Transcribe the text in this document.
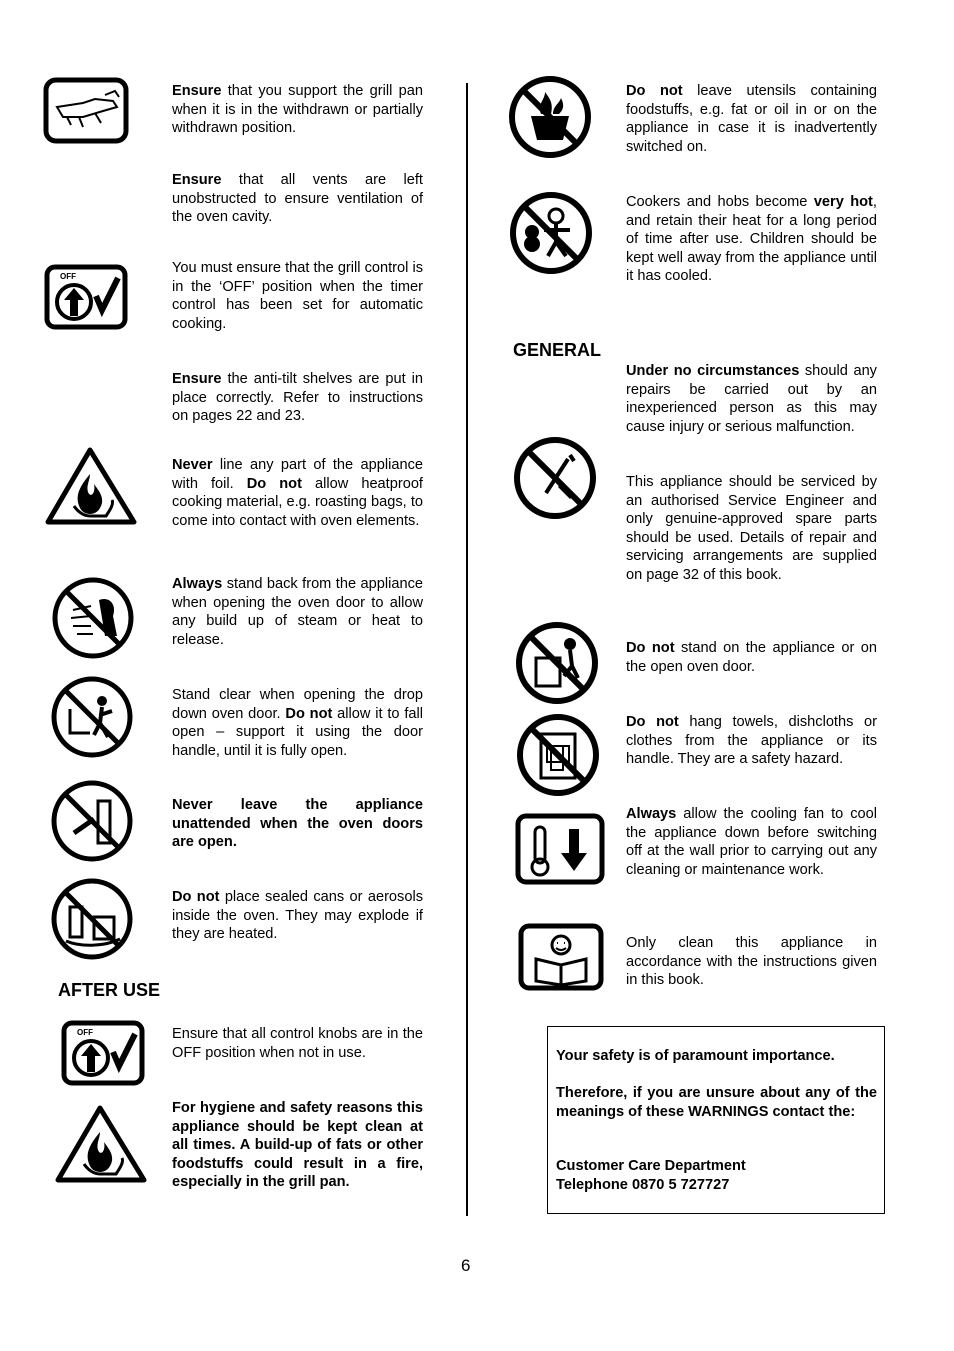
Ensure that you support the grill pan when it is in the withdrawn or partially withdrawn position.
Ensure that all vents are left unobstructed to ensure ventilation of the oven cavity.
OFF
You must ensure that the grill control is in the ‘OFF’ position when the timer control has been set for automatic cooking.
Ensure the anti-tilt shelves are put in place correctly. Refer to instructions on pages 22 and 23.
Never line any part of the appliance with foil. Do not allow heatproof cooking material, e.g. roasting bags, to come into contact with oven elements.
Always stand back from the appliance when opening the oven door to allow any build up of steam or heat to release.
Stand clear when opening the drop down oven door. Do not allow it to fall open – support it using the door handle, until it is fully open.
Never leave the appliance unattended when the oven doors are open.
Do not place sealed cans or aerosols inside the oven. They may explode if they are heated.
AFTER USE
OFF	Ensure that all control knobs are in the OFF position when not in use.
For hygiene and safety reasons this appliance should be kept clean at all times. A build-up of fats or other foodstuffs could result in a fire, especially in the grill pan.
Do not leave utensils containing foodstuffs, e.g. fat or oil in or on the appliance in case it is inadvertently switched on.
Cookers and hobs become very hot, and retain their heat for a long period of time after use. Children should be kept well away from the appliance until it has cooled.
GENERAL
Under no circumstances should any repairs be carried out by an inexperienced person as this may cause injury or serious malfunction.
This appliance should be serviced by an authorised Service Engineer and only genuine-approved spare parts should be used. Details of repair and servicing arrangements are supplied on page 32 of this book.
Do not stand on the appliance or on the open oven door.
Do not hang towels, dishcloths or clothes from the appliance or its handle. They are a safety hazard.
Always allow the cooling fan to cool the appliance down before switching off at the wall prior to carrying out any cleaning or maintenance work.
Only clean this appliance in accordance with the instructions given in this book.
Your safety is of paramount importance.
Therefore, if you are unsure about any of the meanings of these WARNINGS contact the:
Customer Care Department
Telephone 0870 5 727727
6
